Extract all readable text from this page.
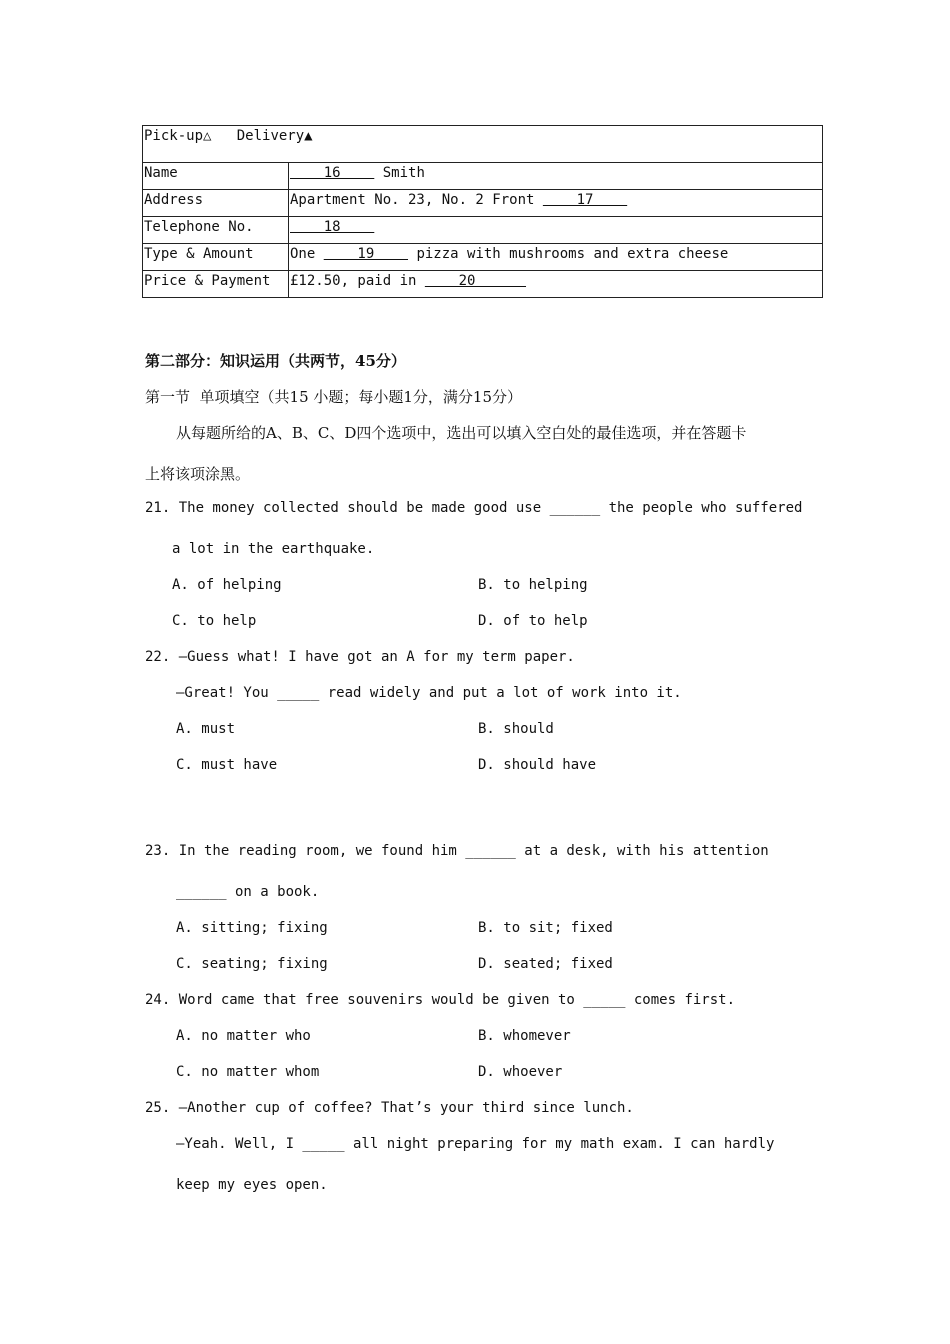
Pick-up△ Delivery▲	
Name	16     Smith
Address	Apartment No. 23, No. 2 Front     17
Telephone No.	18
Type & Amount	One     19     pizza with mushrooms and extra cheese
Price & Payment	£12.50, paid in     20
第二部分：知识运用（共两节，45分）
第一节  单项填空（共15 小题；每小题1分，满分15分）
从每题所给的A、B、C、D四个选项中，选出可以填入空白处的最佳选项，并在答题卡
上将该项涂黑。
21. The money collected should be made good use ______ the people who suffered
a lot in the earthquake.
A. of helping	B. to helping
C. to help	D. of to help
22. —Guess what! I have got an A for my term paper.
—Great! You _____ read widely and put a lot of work into it.
A. must	B. should
C. must have	D. should have
23. In the reading room, we found him ______ at a desk, with his attention
______ on a book.
A. sitting; fixing	B. to sit; fixed
C. seating; fixing	D. seated; fixed
24. Word came that free souvenirs would be given to _____ comes first.
A. no matter who	B. whomever
C. no matter whom	D. whoever
25. —Another cup of coffee? That’s your third since lunch.
—Yeah. Well, I _____ all night preparing for my math exam. I can hardly
keep my eyes open.
